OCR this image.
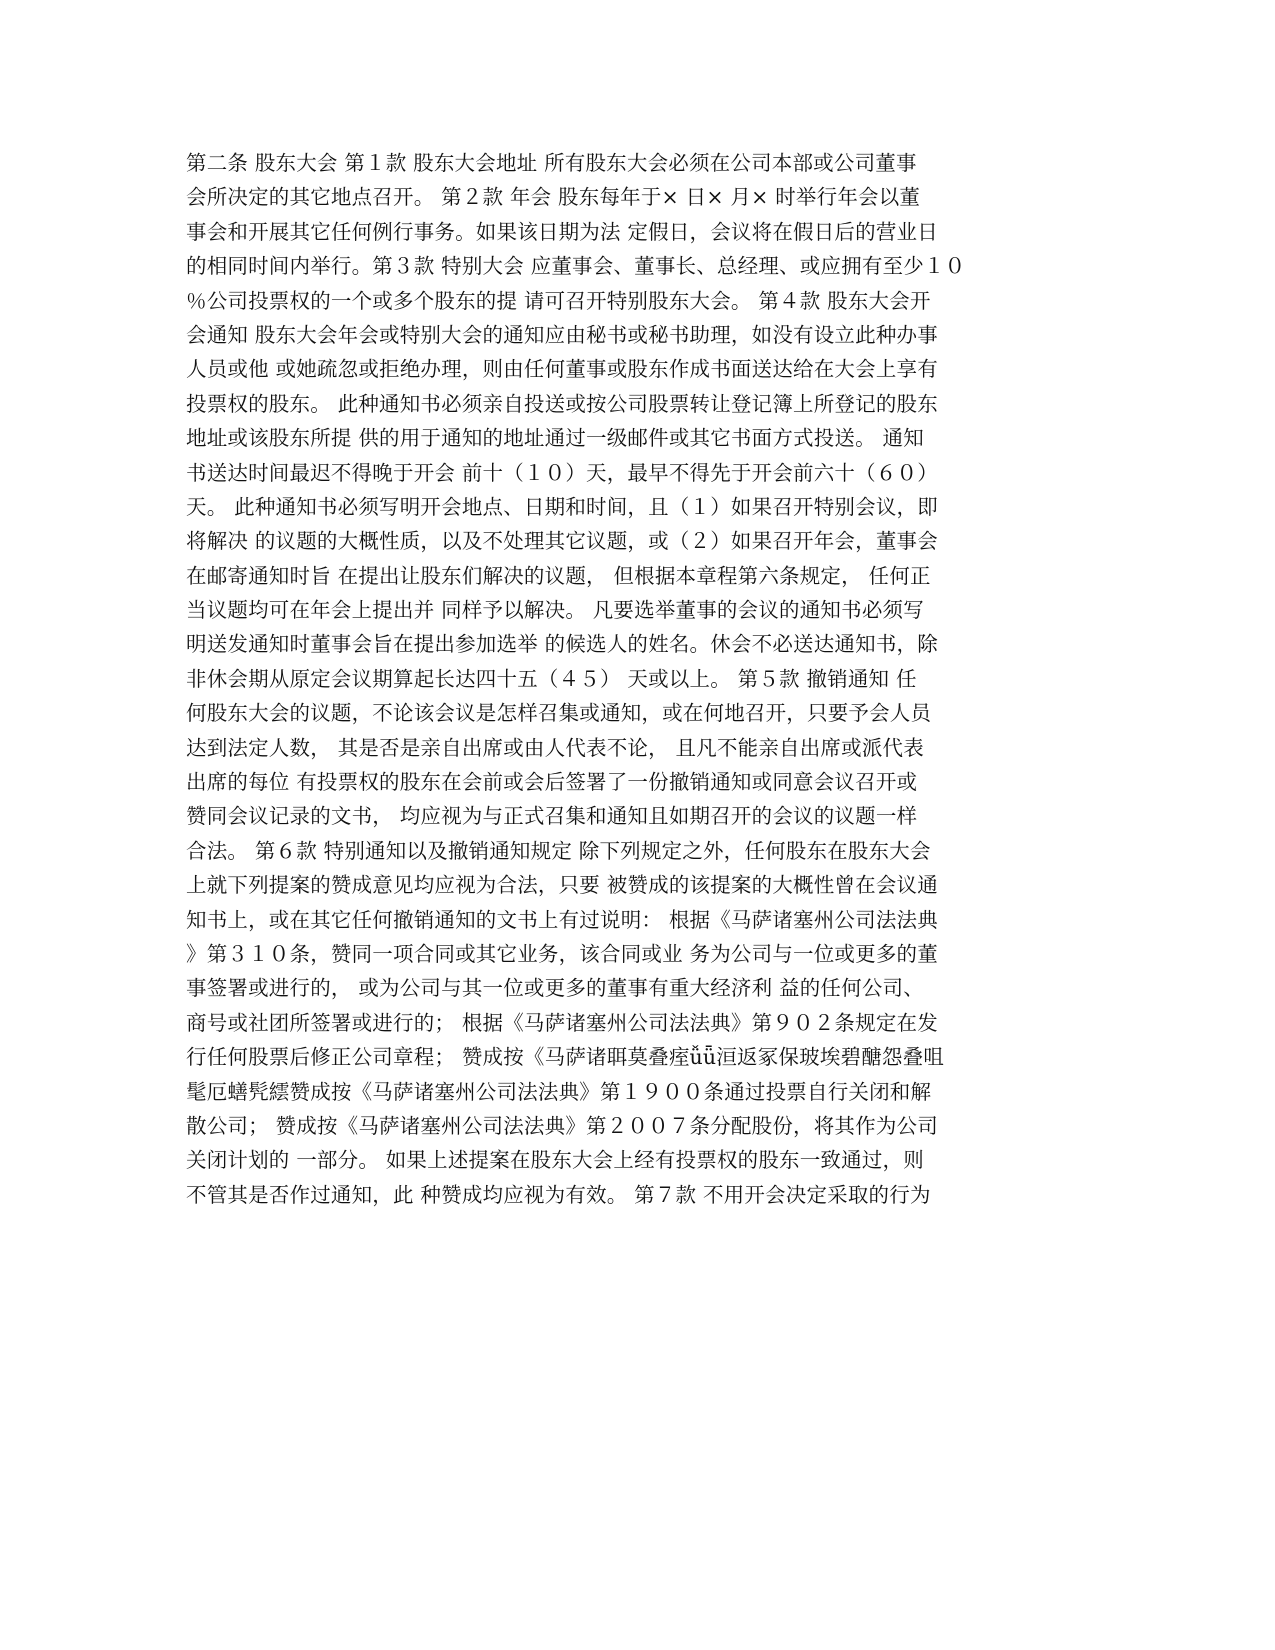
第二条 股东大会 第１款 股东大会地址 所有股东大会必须在公司本部或公司董事
会所决定的其它地点召开。 第２款 年会 股东每年于× 日× 月× 时举行年会以董
事会和开展其它任何例行事务。如果该日期为法 定假日，会议将在假日后的营业日
的相同时间内举行。第３款 特别大会 应董事会、董事长、总经理、或应拥有至少１０
％公司投票权的一个或多个股东的提 请可召开特别股东大会。 第４款 股东大会开
会通知 股东大会年会或特别大会的通知应由秘书或秘书助理，如没有设立此种办事
人员或他 或她疏忽或拒绝办理，则由任何董事或股东作成书面送达给在大会上享有
投票权的股东。 此种通知书必须亲自投送或按公司股票转让登记簿上所登记的股东
地址或该股东所提 供的用于通知的地址通过一级邮件或其它书面方式投送。 通知
书送达时间最迟不得晚于开会 前十（１０）天，最早不得先于开会前六十（６０）
天。 此种通知书必须写明开会地点、日期和时间，且（１）如果召开特别会议，即
将解决 的议题的大概性质，以及不处理其它议题，或（２）如果召开年会，董事会
在邮寄通知时旨 在提出让股东们解决的议题， 但根据本章程第六条规定， 任何正
当议题均可在年会上提出并 同样予以解决。 凡要选举董事的会议的通知书必须写
明送发通知时董事会旨在提出参加选举 的候选人的姓名。休会不必送达通知书，除
非休会期从原定会议期算起长达四十五（４５） 天或以上。 第５款 撤销通知 任
何股东大会的议题，不论该会议是怎样召集或通知，或在何地召开，只要予会人员
达到法定人数， 其是否是亲自出席或由人代表不论， 且凡不能亲自出席或派代表
出席的每位 有投票权的股东在会前或会后签署了一份撤销通知或同意会议召开或
赞同会议记录的文书， 均应视为与正式召集和通知且如期召开的会议的议题一样
合法。 第６款 特别通知以及撤销通知规定 除下列规定之外，任何股东在股东大会
上就下列提案的赞成意见均应视为合法，只要 被赞成的该提案的大概性曾在会议通
知书上，或在其它任何撤销通知的文书上有过说明： 根据《马萨诸塞州公司法法典
》第３１０条，赞同一项合同或其它业务，该合同或业 务为公司与一位或更多的董
事签署或进行的， 或为公司与其一位或更多的董事有重大经济利 益的任何公司、
商号或社团所签署或进行的； 根据《马萨诸塞州公司法法典》第９０２条规定在发
行任何股票后修正公司章程； 赞成按《马萨诸聑莫叠痓ǚǖ洹返冢保玻埃碧醣怨叠咀
髦厄蟮髠繧赞成按《马萨诸塞州公司法法典》第１９００条通过投票自行关闭和解
散公司； 赞成按《马萨诸塞州公司法法典》第２００７条分配股份，将其作为公司
关闭计划的 一部分。 如果上述提案在股东大会上经有投票权的股东一致通过，则
不管其是否作过通知，此 种赞成均应视为有效。 第７款 不用开会决定采取的行为
